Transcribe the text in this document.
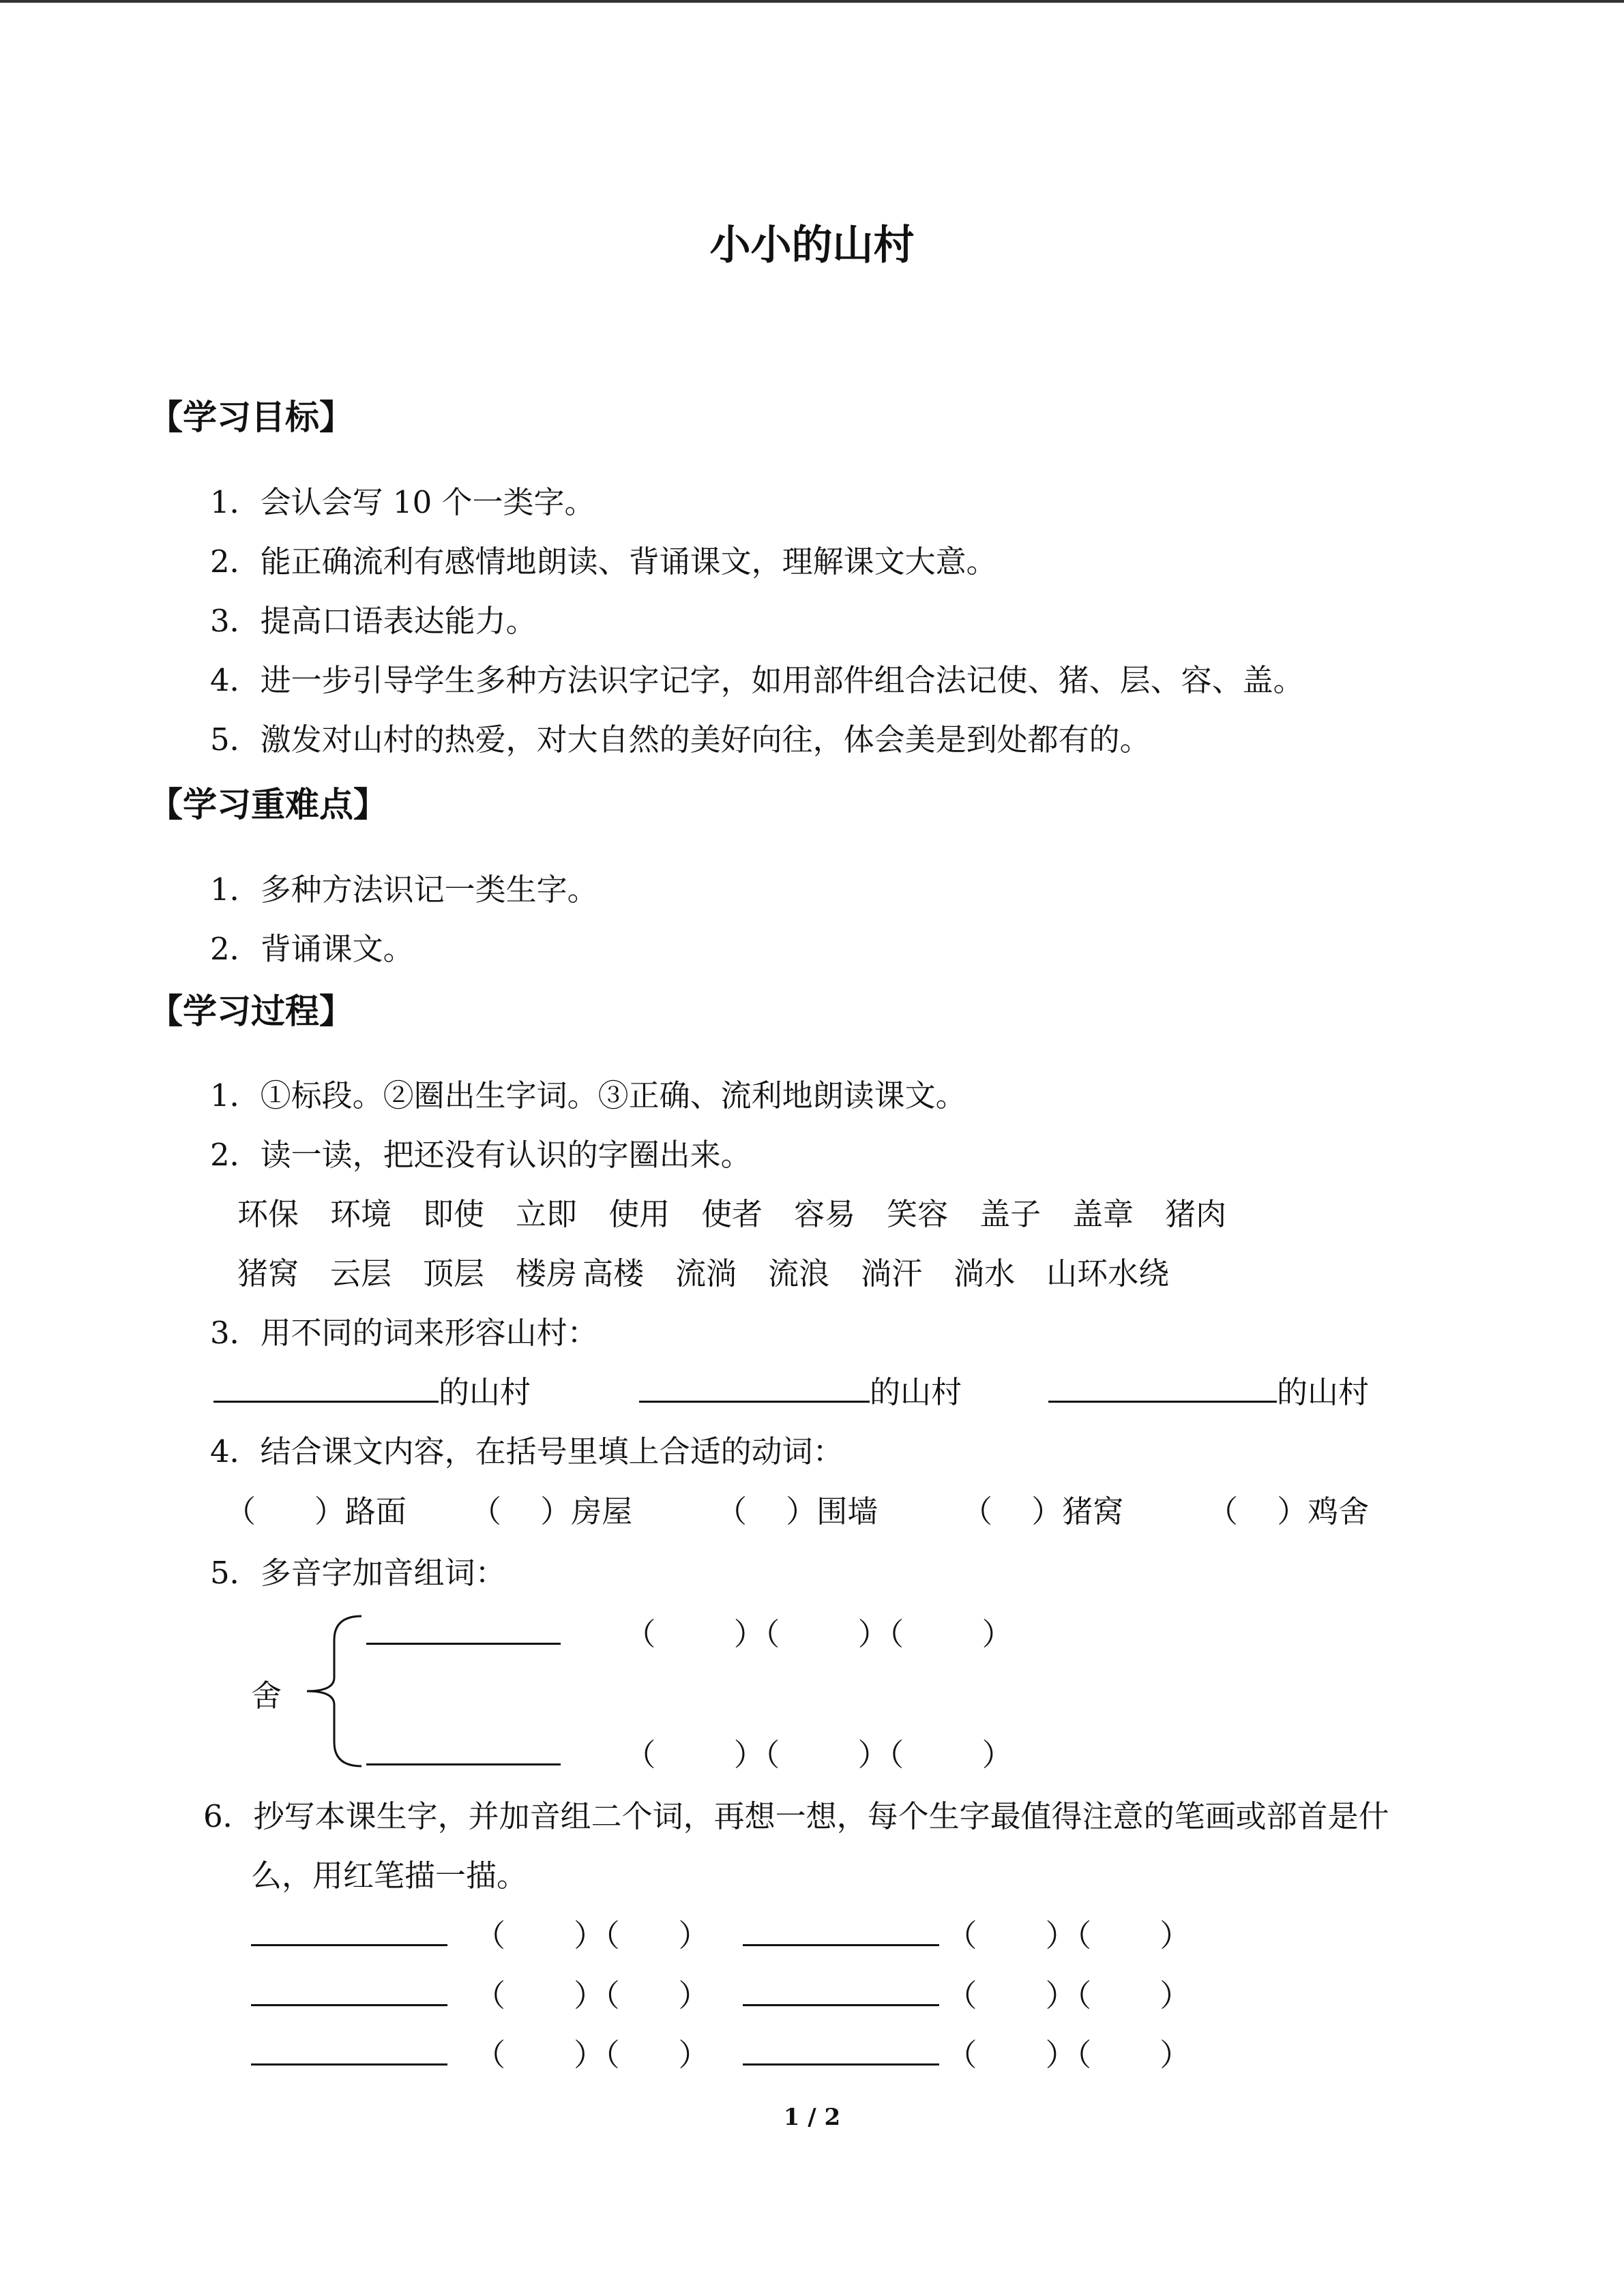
小小的山村
【学习目标】
1．会认会写 10 个一类字。
2．能正确流利有感情地朗读、背诵课文，理解课文大意。
3．提高口语表达能力。
4．进一步引导学生多种方法识字记字，如用部件组合法记使、猪、层、容、盖。
5．激发对山村的热爱，对大自然的美好向往，体会美是到处都有的。
【学习重难点】
1．多种方法识记一类生字。
2．背诵课文。
【学习过程】
1．①标段。②圈出生字词。③正确、流利地朗读课文。
2．读一读，把还没有认识的字圈出来。
环保 环境 即使 立即 使用 使者 容易 笑容 盖子 盖章 猪肉
猪窝 云层 顶层 楼房 高楼 流淌 流浪 淌汗 淌水 山环水绕
3．用不同的词来形容山村：
的山村	的山村	的山村
4．结合课文内容，在括号里填上合适的动词：
（      ）路面 （    ）房屋	（    ）围墙	（    ）猪窝	（    ）鸡舍
5．多音字加音组词：
舍
（        ）（        ）（        ）
（        ）（        ）（        ）
6．抄写本课生字，并加音组二个词，再想一想，每个生字最值得注意的笔画或部首是什
么，用红笔描一描。
（       ）（      ）	（       ）（       ）
（       ）（      ）	（       ）（       ）
（       ）（      ）	（       ）（       ）
1 / 2
